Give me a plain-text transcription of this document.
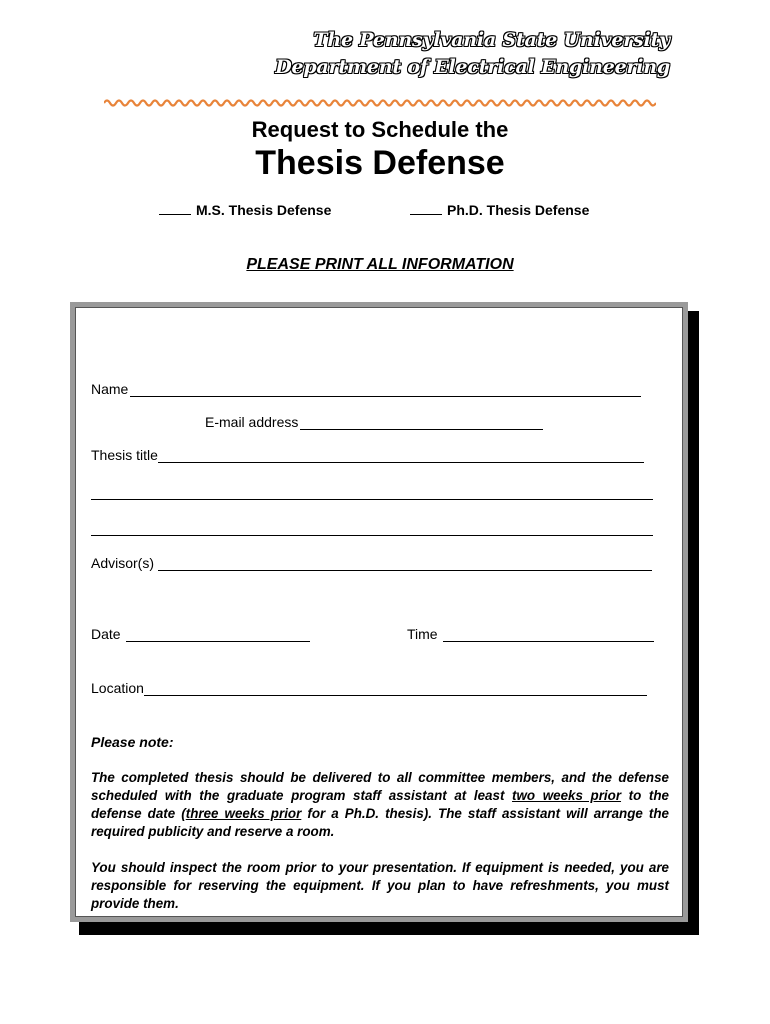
The Pennsylvania State University
Department of Electrical Engineering
Request to Schedule the
Thesis Defense
M.S. Thesis Defense	Ph.D. Thesis Defense
PLEASE PRINT ALL INFORMATION
Name
E-mail address
Thesis title
Advisor(s)
Date	Time
Location
Please note:
The completed thesis should be delivered to all committee members, and the defense scheduled with the graduate program staff assistant at least two weeks prior to the defense date (three weeks prior for a Ph.D. thesis). The staff assistant will arrange the required publicity and reserve a room.
You should inspect the room prior to your presentation. If equipment is needed, you are responsible for reserving the equipment. If you plan to have refreshments, you must provide them.
